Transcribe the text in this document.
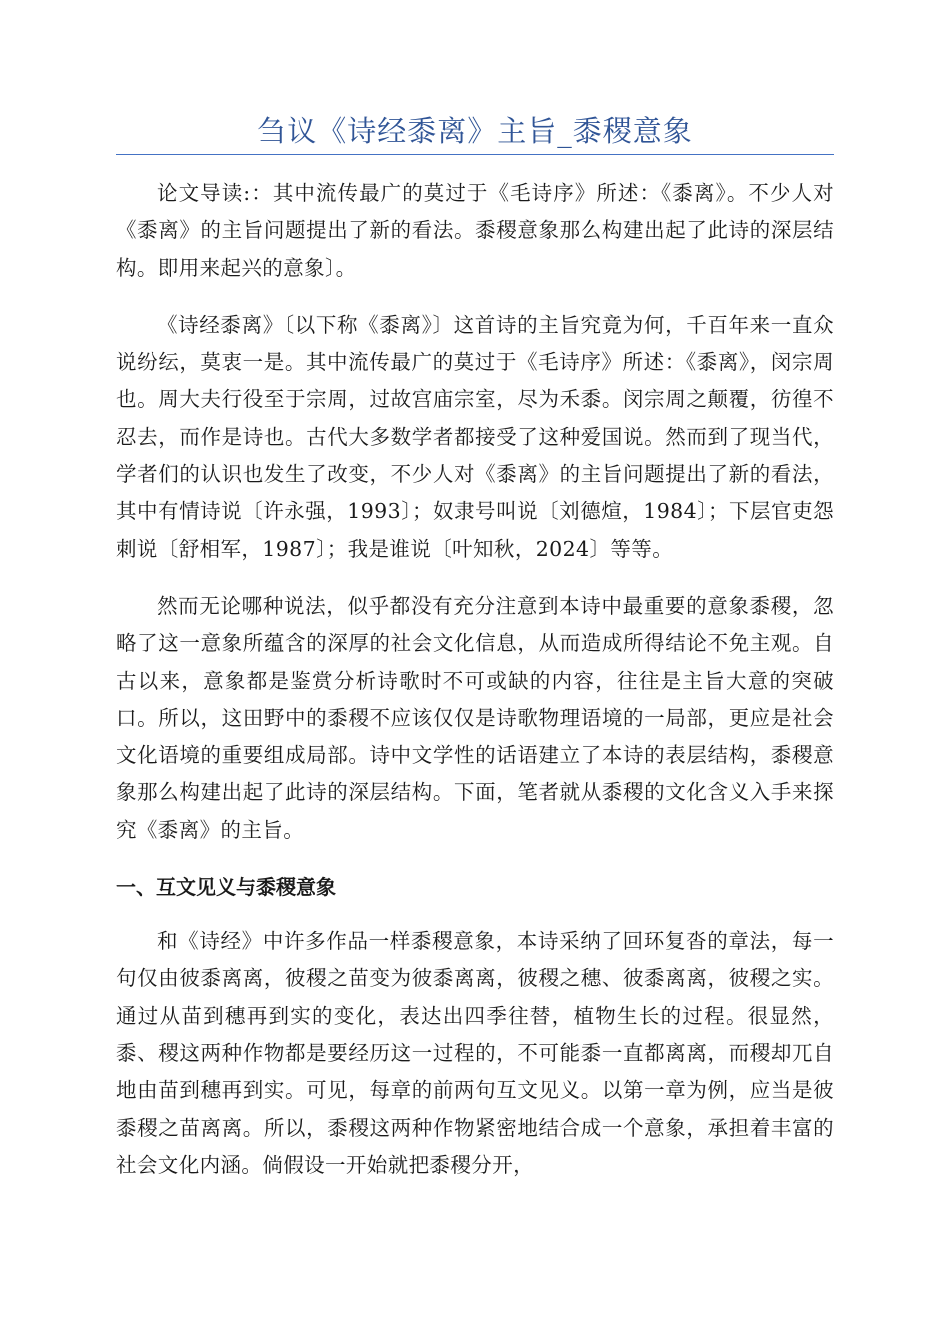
刍议《诗经黍离》主旨_黍稷意象

论文导读:：其中流传最广的莫过于《毛诗序》所述：《黍离》。不少人对《黍离》的主旨问题提出了新的看法。黍稷意象那么构建出起了此诗的深层结构。即用来起兴的意象〕。

《诗经黍离》〔以下称《黍离》〕这首诗的主旨究竟为何，千百年来一直众说纷纭，莫衷一是。其中流传最广的莫过于《毛诗序》所述：《黍离》，闵宗周也。周大夫行役至于宗周，过故宫庙宗室，尽为禾黍。闵宗周之颠覆，彷徨不忍去，而作是诗也。古代大多数学者都接受了这种爱国说。然而到了现当代，学者们的认识也发生了改变，不少人对《黍离》的主旨问题提出了新的看法，其中有情诗说〔许永强，1993〕；奴隶号叫说〔刘德煊，1984〕；下层官吏怨刺说〔舒相军，1987〕；我是谁说〔叶知秋，2024〕等等。

然而无论哪种说法，似乎都没有充分注意到本诗中最重要的意象黍稷，忽略了这一意象所蕴含的深厚的社会文化信息，从而造成所得结论不免主观。自古以来，意象都是鉴赏分析诗歌时不可或缺的内容，往往是主旨大意的突破口。所以，这田野中的黍稷不应该仅仅是诗歌物理语境的一局部，更应是社会文化语境的重要组成局部。诗中文学性的话语建立了本诗的表层结构，黍稷意象那么构建出起了此诗的深层结构。下面，笔者就从黍稷的文化含义入手来探究《黍离》的主旨。

一、互文见义与黍稷意象

和《诗经》中许多作品一样黍稷意象，本诗采纳了回环复沓的章法，每一句仅由彼黍离离，彼稷之苗变为彼黍离离，彼稷之穗、彼黍离离，彼稷之实。通过从苗到穗再到实的变化，表达出四季往替，植物生长的过程。很显然，黍、稷这两种作物都是要经历这一过程的，不可能黍一直都离离，而稷却兀自地由苗到穗再到实。可见，每章的前两句互文见义。以第一章为例，应当是彼黍稷之苗离离。所以，黍稷这两种作物紧密地结合成一个意象，承担着丰富的社会文化内涵。倘假设一开始就把黍稷分开，
